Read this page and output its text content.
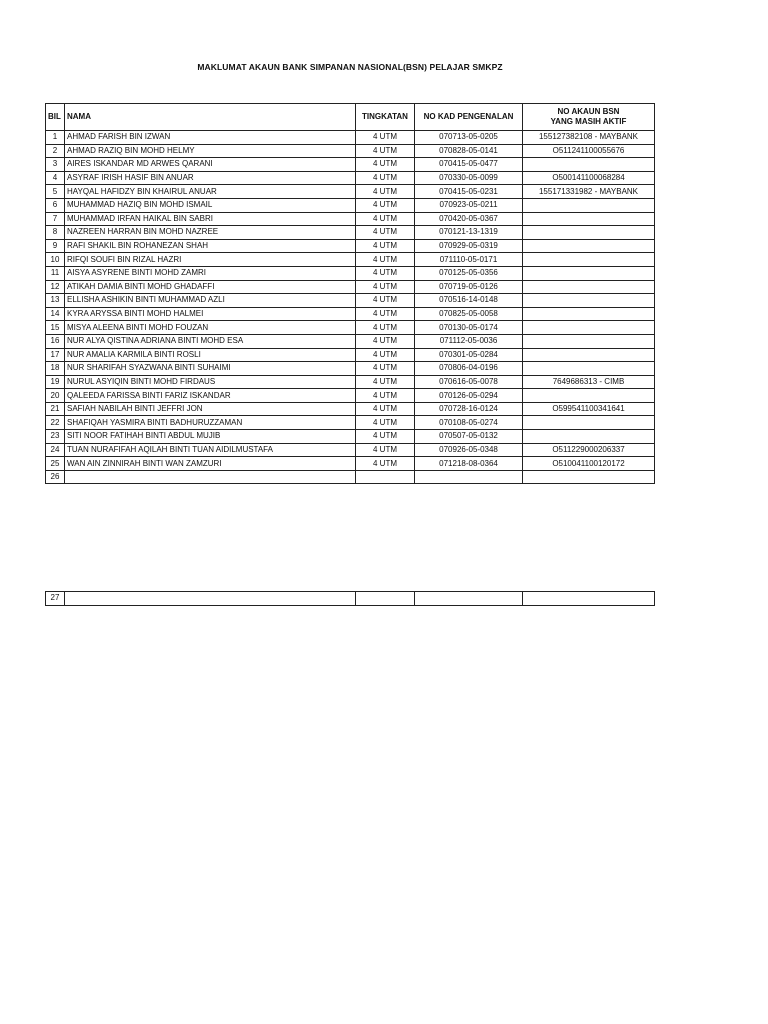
MAKLUMAT AKAUN BANK SIMPANAN NASIONAL(BSN) PELAJAR SMKPZ
BIL	NAMA	TINGKATAN	NO KAD PENGENALAN	NO AKAUN BSN
YANG MASIH AKTIF

1	AHMAD FARISH BIN IZWAN	4 UTM	070713-05-0205	155127382108 - MAYBANK
2	AHMAD RAZIQ BIN MOHD HELMY	4 UTM	070828-05-0141	O511241100055676
3	AIRES ISKANDAR MD ARWES QARANI	4 UTM	070415-05-0477	
4	ASYRAF IRISH HASIF BIN ANUAR	4 UTM	070330-05-0099	O500141100068284
5	HAYQAL HAFIDZY BIN KHAIRUL ANUAR	4 UTM	070415-05-0231	155171331982 - MAYBANK
6	MUHAMMAD HAZIQ BIN MOHD ISMAIL	4 UTM	070923-05-0211	
7	MUHAMMAD IRFAN HAIKAL BIN SABRI	4 UTM	070420-05-0367	
8	NAZREEN HARRAN BIN MOHD NAZREE	4 UTM	070121-13-1319	
9	RAFI SHAKIL BIN ROHANEZAN SHAH	4 UTM	070929-05-0319	
10	RIFQI SOUFI BIN RIZAL HAZRI	4 UTM	071110-05-0171	
11	AISYA ASYRENE BINTI MOHD ZAMRI	4 UTM	070125-05-0356	
12	ATIKAH DAMIA BINTI MOHD GHADAFFI	4 UTM	070719-05-0126	
13	ELLISHA ASHIKIN BINTI MUHAMMAD AZLI	4 UTM	070516-14-0148	
14	KYRA ARYSSA BINTI MOHD HALMEI	4 UTM	070825-05-0058	
15	MISYA ALEENA BINTI MOHD FOUZAN	4 UTM	070130-05-0174	
16	NUR ALYA QISTINA ADRIANA BINTI MOHD ESA	4 UTM	071112-05-0036	
17	NUR AMALIA KARMILA BINTI ROSLI	4 UTM	070301-05-0284	
18	NUR SHARIFAH SYAZWANA BINTI SUHAIMI	4 UTM	070806-04-0196	
19	NURUL ASYIQIN BINTI MOHD FIRDAUS	4 UTM	070616-05-0078	7649686313 - CIMB
20	QALEEDA FARISSA BINTI FARIZ ISKANDAR	4 UTM	070126-05-0294	
21	SAFIAH NABILAH BINTI JEFFRI JON	4 UTM	070728-16-0124	O599541100341641
22	SHAFIQAH YASMIRA BINTI BADHURUZZAMAN	4 UTM	070108-05-0274	
23	SITI NOOR FATIHAH BINTI ABDUL MUJIB	4 UTM	070507-05-0132	
24	TUAN NURAFIFAH AQILAH BINTI TUAN AIDILMUSTAFA	4 UTM	070926-05-0348	O511229000206337
25	WAN AIN ZINNIRAH BINTI WAN ZAMZURI	4 UTM	071218-08-0364	O510041100120172
26				
27				
